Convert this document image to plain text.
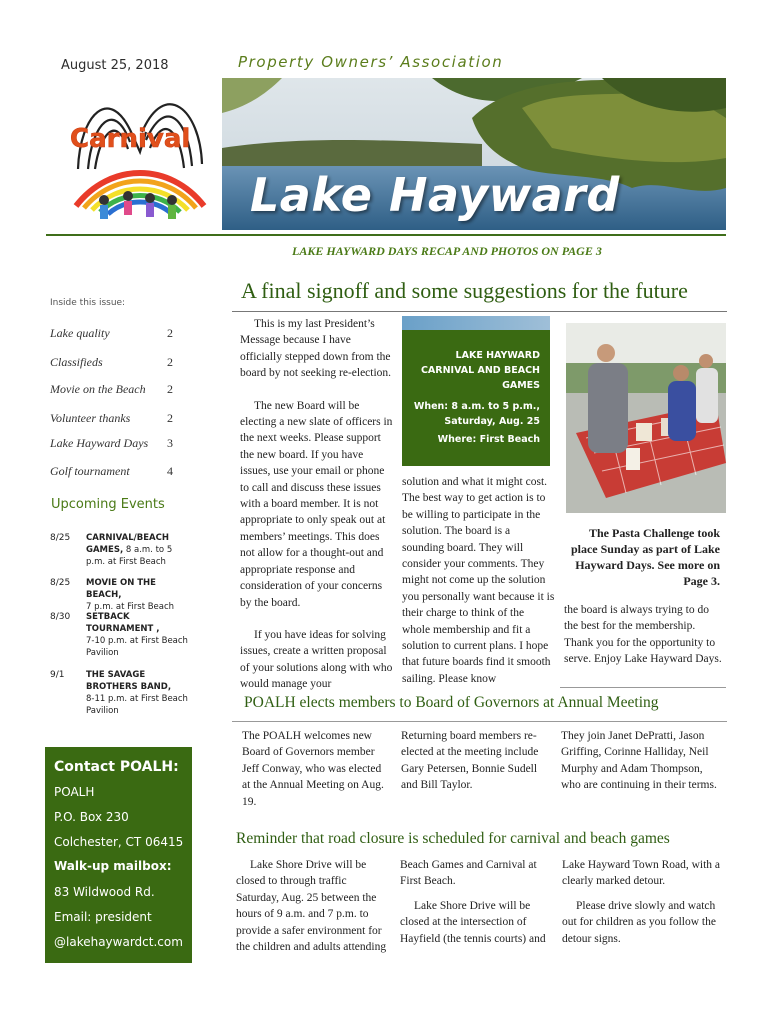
August 25, 2018	Property Owners’ Association
Carnival
Lake Hayward
LAKE HAYWARD DAYS RECAP AND PHOTOS ON PAGE 3
Inside this issue:
Lake quality	2
Classifieds	2
Movie on the Beach 2
Volunteer thanks	2
Lake Hayward Days 3
Golf tournament	4
Upcoming Events
8/25 CARNIVAL/BEACH GAMES, 8 a.m. to 5 p.m. at First Beach
8/25 MOVIE ON THE BEACH,
7 p.m. at First Beach
8/30 SETBACK TOURNAMENT ,
7-10 p.m. at First Beach Pavilion
9/1	THE SAVAGE BROTHERS BAND,
8-11 p.m. at First Beach Pavilion
Contact POALH:
POALH
P.O. Box 230
Colchester, CT 06415
Walk-up mailbox:
83 Wildwood Rd.
Email: president
@lakehaywardct.com
A final signoff and some suggestions for the future

This is my last President’s Message because I have officially stepped down from the board by not seeking re-election.

The new Board will be electing a new slate of officers in the next weeks. Please support the new board. If you have issues, use your email or phone to call and discuss these issues with a board member. It is not appropriate to only speak out at members’ meetings. This does not allow for a thought-out and appropriate response and consideration of your concerns by the board.

If you have ideas for solving issues, create a written proposal of your solutions along with who would manage your

LAKE HAYWARD CARNIVAL AND BEACH GAMES
When: 8 a.m. to 5 p.m., Saturday, Aug. 25
Where: First Beach

solution and what it might cost. The best way to get action is to be willing to participate in the solution. The board is a sounding board. They will consider your comments. They might not come up the solution you personally want because it is their charge to think of the whole membership and fit a solution to current plans. I hope that future boards find it smooth sailing. Please know

The Pasta Challenge took place Sunday as part of Lake Hayward Days. See more on Page 3.

the board is always trying to do the best for the membership. Thank you for the opportunity to serve. Enjoy Lake Hayward Days.

POALH elects members to Board of Governors at Annual Meeting

The POALH welcomes new Board of Governors member Jeff Conway, who was elected at the Annual Meeting on Aug. 19.

Returning board members re-elected at the meeting include Gary Petersen, Bonnie Sudell and Bill Taylor.

They join Janet DePratti, Jason Griffing, Corinne Halliday, Neil Murphy and Adam Thompson, who are continuing in their terms.

Reminder that road closure is scheduled for carnival and beach games

Lake Shore Drive will be closed to through traffic Saturday, Aug. 25 between the hours of 9 a.m. and 7 p.m. to provide a safer environment for the children and adults attending

Beach Games and Carnival at First Beach.

Lake Shore Drive will be closed at the intersection of Hayfield (the tennis courts) and

Lake Hayward Town Road, with a clearly marked detour.

Please drive slowly and watch out for children as you follow the detour signs.
